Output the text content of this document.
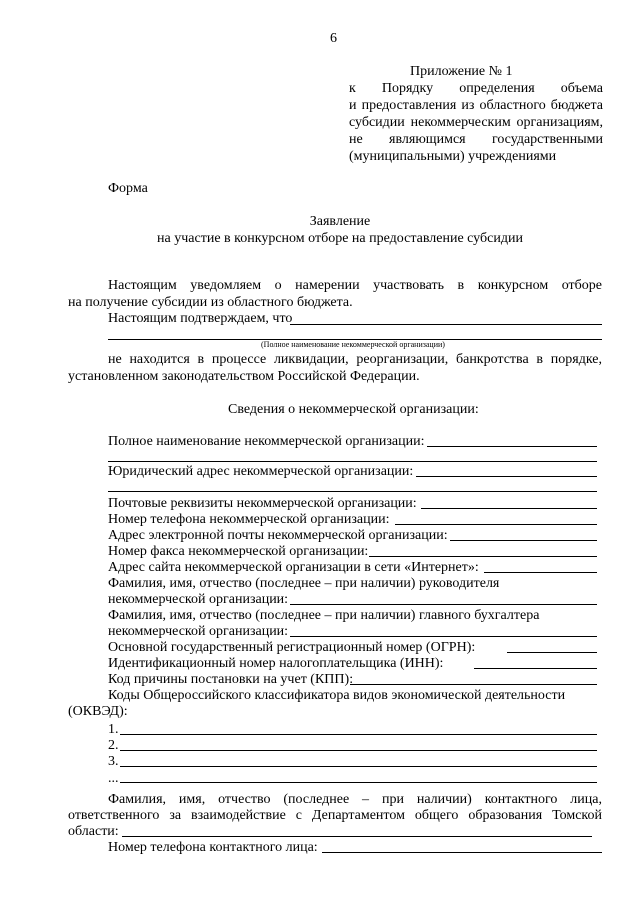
6
Приложение № 1
к Порядку определения объема
и предоставления из областного бюджета
субсидии некоммерческим организациям,
не являющимся государственными
(муниципальными) учреждениями
Форма
Заявление
на участие в конкурсном отборе на предоставление субсидии
Настоящим уведомляем о намерении участвовать в конкурсном отборе
на получение субсидии из областного бюджета.
Настоящим подтверждаем, что
(Полное наименование некоммерческой организации)
не находится в процессе ликвидации, реорганизации, банкротства в порядке,
установленном законодательством Российской Федерации.
Сведения о некоммерческой организации:
Полное наименование некоммерческой организации:
Юридический адрес некоммерческой организации:
Почтовые реквизиты некоммерческой организации:
Номер телефона некоммерческой организации:
Адрес электронной почты некоммерческой организации:
Номер факса некоммерческой организации:
Адрес сайта некоммерческой организации в сети «Интернет»:
Фамилия, имя, отчество (последнее – при наличии) руководителя
некоммерческой организации:
Фамилия, имя, отчество (последнее – при наличии) главного бухгалтера
некоммерческой организации:
Основной государственный регистрационный номер (ОГРН):
Идентификационный номер налогоплательщика (ИНН):
Код причины постановки на учет (КПП):
Коды Общероссийского классификатора видов экономической деятельности
(ОКВЭД):
1.
2.
3.
...
Фамилия, имя, отчество (последнее – при наличии) контактного лица,
ответственного за взаимодействие с Департаментом общего образования Томской
области:
Номер телефона контактного лица:
